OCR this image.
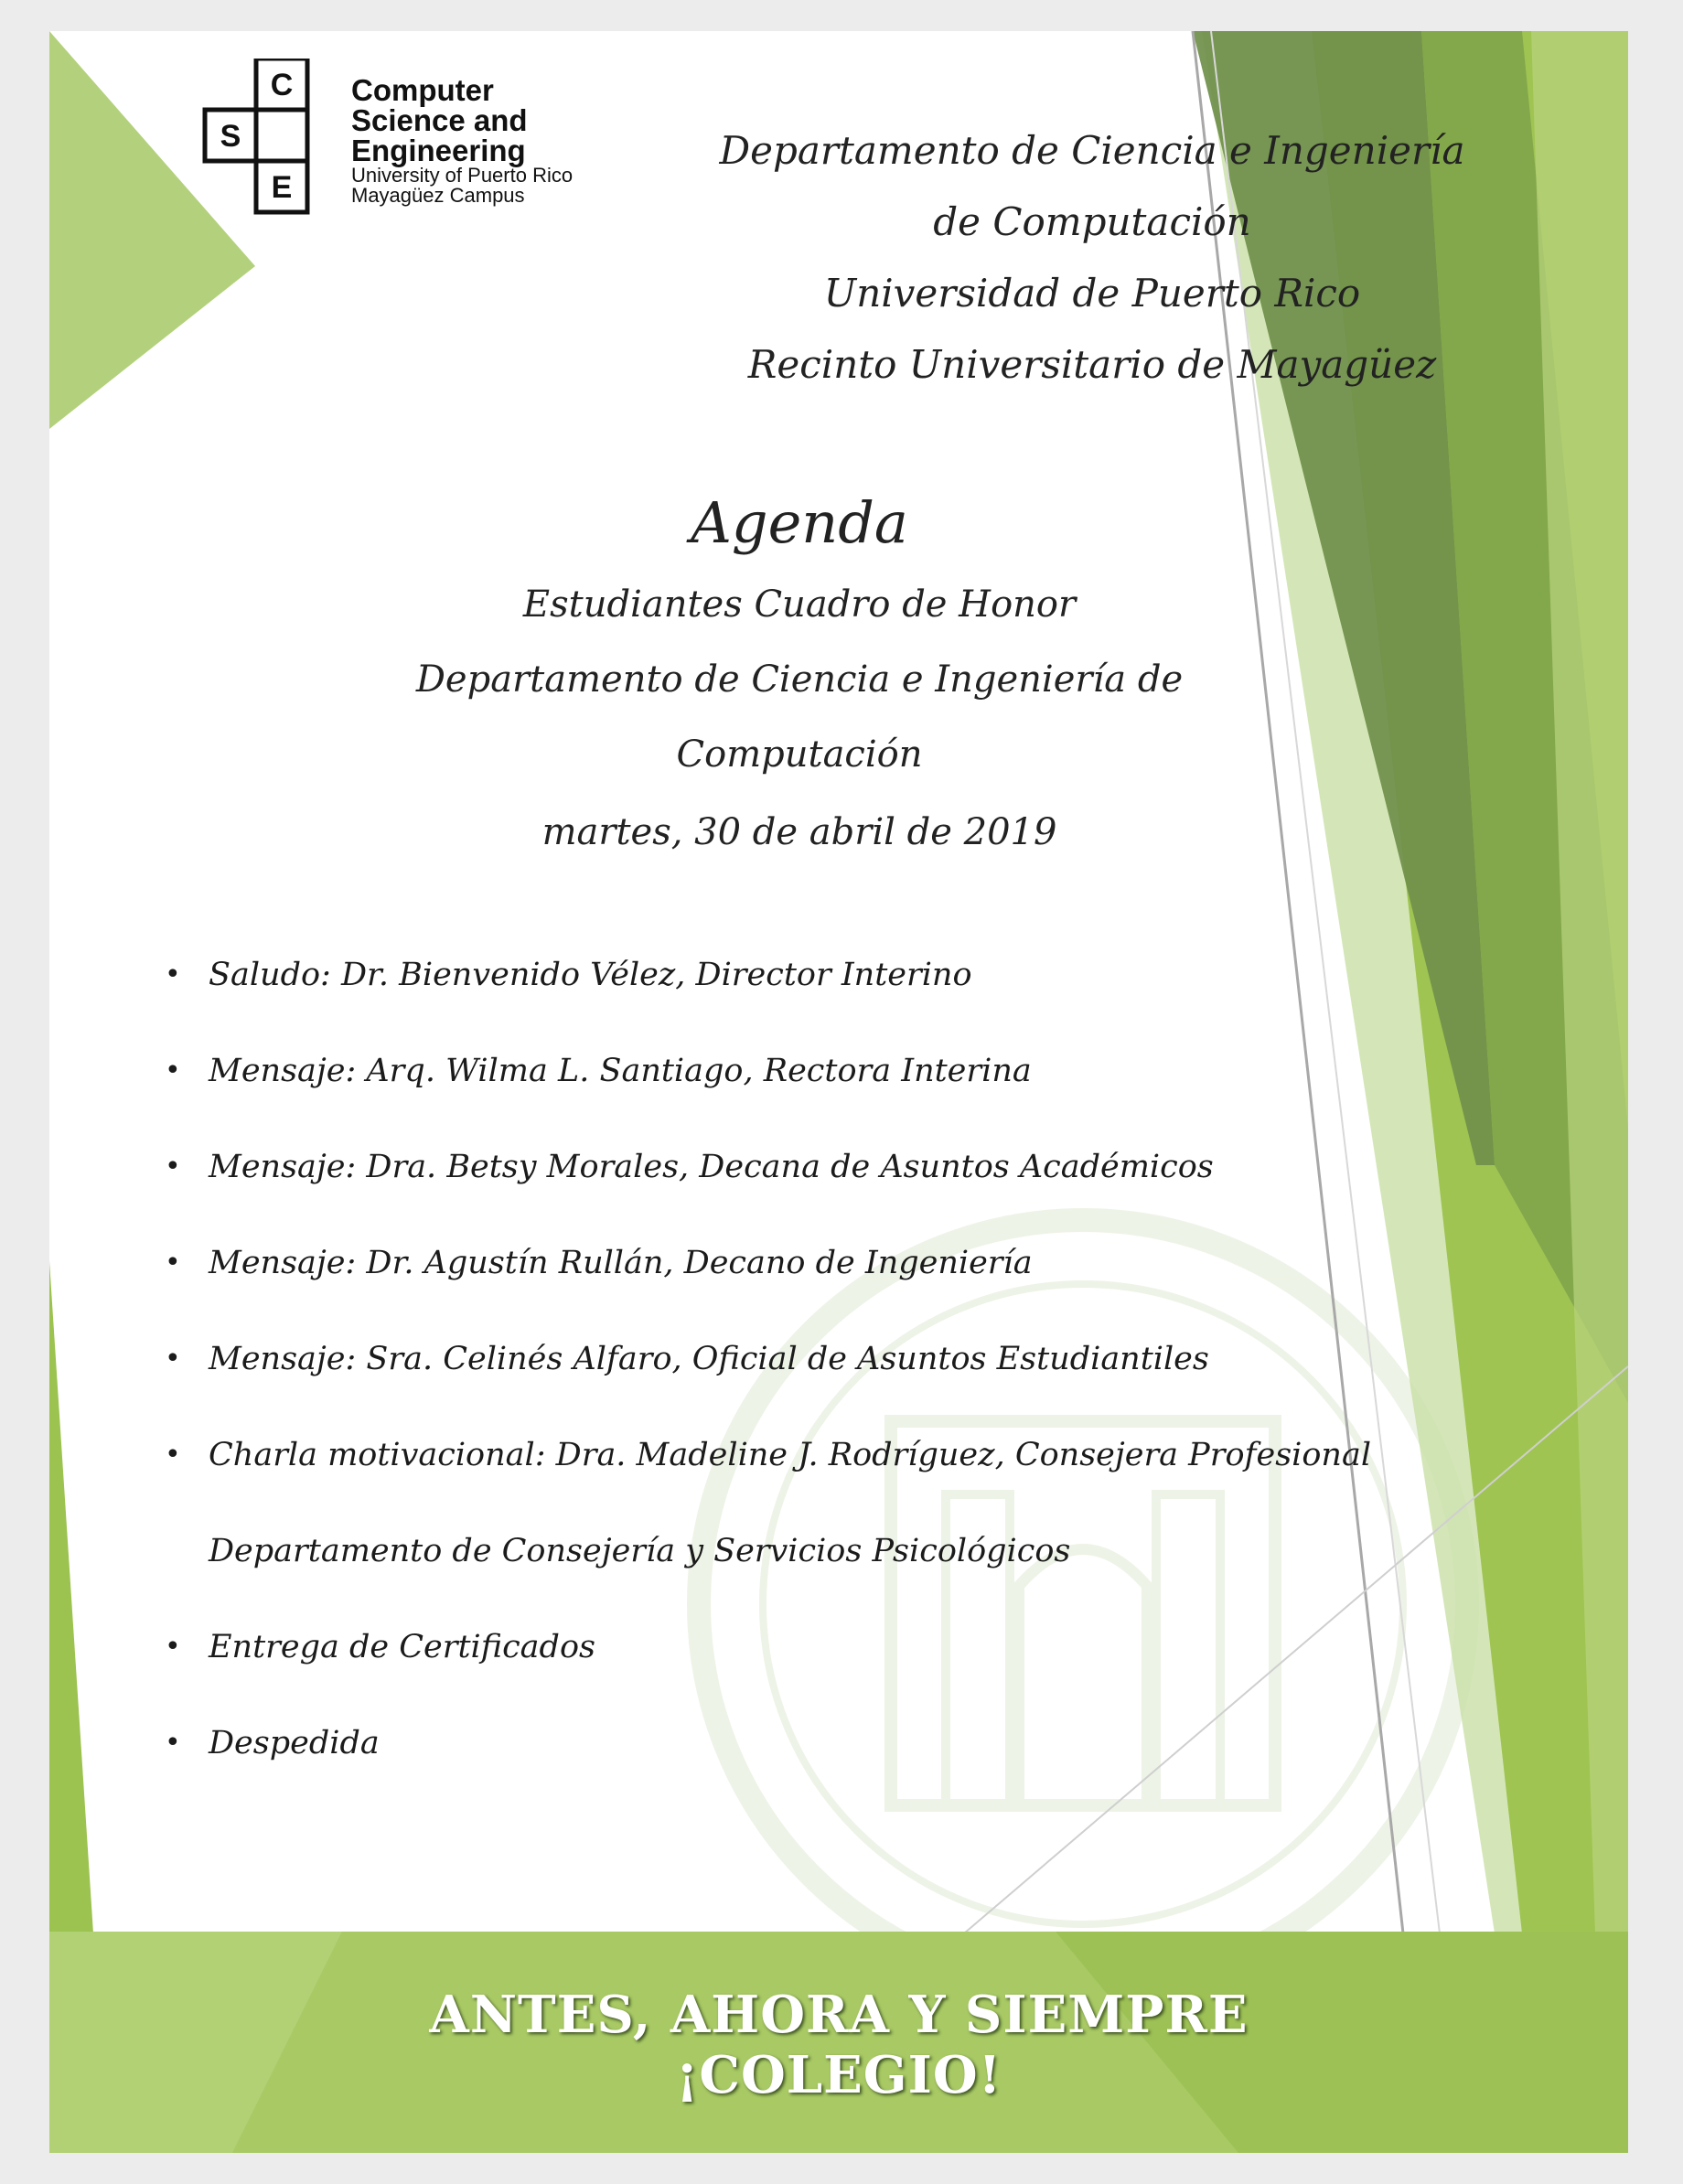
C
S
E
Computer
Science and
Engineering
University of Puerto Rico
Mayagüez Campus
Departamento de Ciencia e Ingeniería de Computación
Universidad de Puerto Rico
Recinto Universitario de Mayagüez
Agenda
Estudiantes Cuadro de Honor
Departamento de Ciencia e Ingeniería de Computación
martes, 30 de abril de 2019
• Saludo: Dr. Bienvenido Vélez, Director Interino
• Mensaje: Arq. Wilma L. Santiago, Rectora Interina
• Mensaje: Dra. Betsy Morales, Decana de Asuntos Académicos
• Mensaje: Dr. Agustín Rullán, Decano de Ingeniería
• Mensaje: Sra. Celinés Alfaro, Oficial de Asuntos Estudiantiles
• Charla motivacional: Dra. Madeline J. Rodríguez, Consejera Profesional
Departamento de Consejería y Servicios Psicológicos
• Entrega de Certificados
• Despedida
ANTES, AHORA Y SIEMPRE
¡COLEGIO!
